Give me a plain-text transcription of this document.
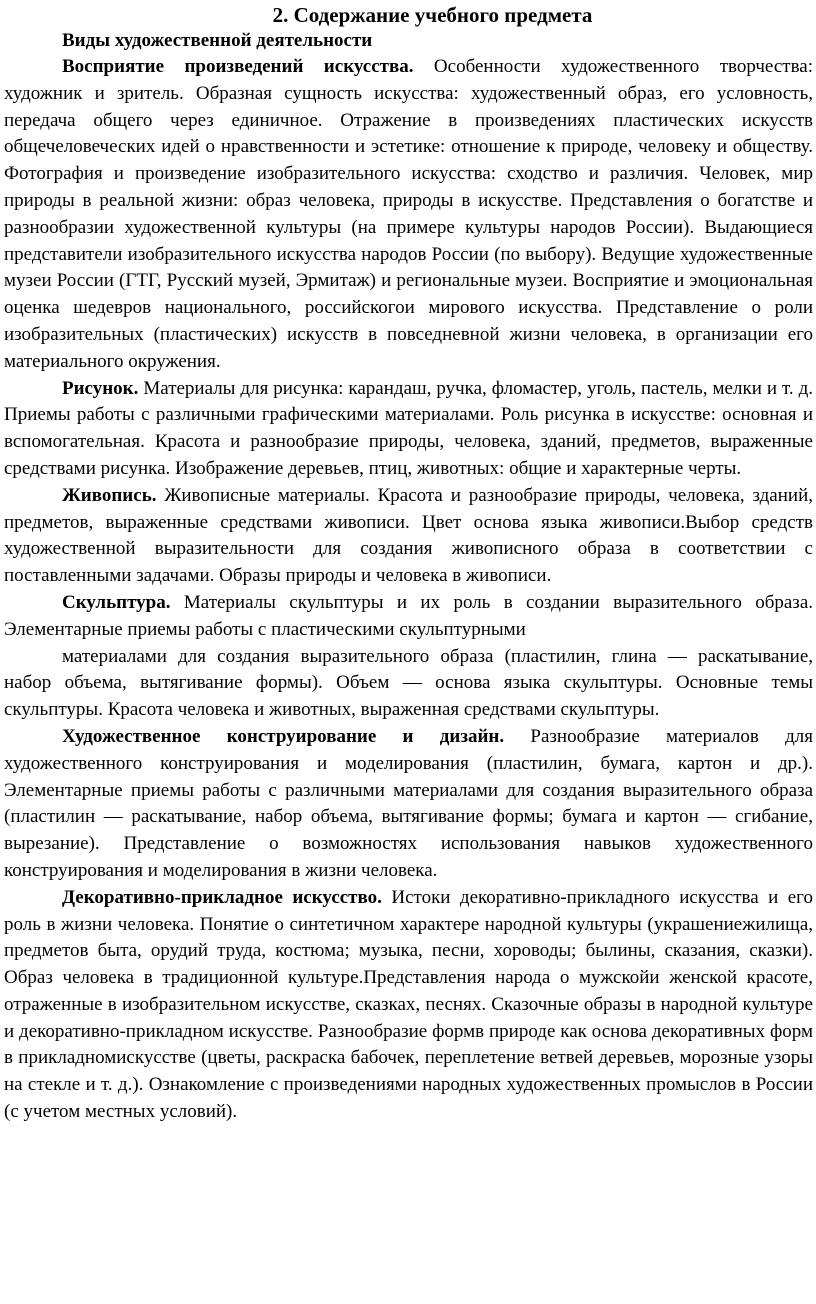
2. Содержание учебного предмета
Виды художественной деятельности

Восприятие произведений искусства. Особенности художественного творчества: художник и зритель. Образная сущность искусства: художественный образ, его условность, передача общего через единичное. Отражение в произведениях пластических искусств общечеловеческих идей о нравственности и эстетике: отношение к природе, человеку и обществу. Фотография и произведение изобразительного искусства: сходство и различия. Человек, мир природы в реальной жизни: образ человека, природы в искусстве. Представления о богатстве и разнообразии художественной культуры (на примере культуры народов России). Выдающиеся представители изобразительного искусства народов России (по выбору). Ведущие художественные музеи России (ГТГ, Русский музей, Эрмитаж) и региональные музеи. Восприятие и эмоциональная оценка шедевров национального, российскогои мирового искусства. Представление о роли изобразительных (пластических) искусств в повседневной жизни человека, в организации его материального окружения.

Рисунок. Материалы для рисунка: карандаш, ручка, фломастер, уголь, пастель, мелки и т. д. Приемы работы с различными графическими материалами. Роль рисунка в искусстве: основная и вспомогательная. Красота и разнообразие природы, человека, зданий, предметов, выраженные средствами рисунка. Изображение деревьев, птиц, животных: общие и характерные черты.

Живопись. Живописные материалы. Красота и разнообразие природы, человека, зданий, предметов, выраженные средствами живописи. Цвет основа языка живописи.Выбор средств художественной выразительности для создания живописного образа в соответствии с поставленными задачами. Образы природы и человека в живописи.

Скульптура. Материалы скульптуры и их роль в создании выразительного образа. Элементарные приемы работы с пластическими скульптурными

материалами для создания выразительного образа (пластилин, глина — раскатывание, набор объема, вытягивание формы). Объем — основа языка скульптуры. Основные темы скульптуры. Красота человека и животных, выраженная средствами скульптуры.

Художественное конструирование и дизайн. Разнообразие материалов для художественного конструирования и моделирования (пластилин, бумага, картон и др.). Элементарные приемы работы с различными материалами для создания выразительного образа (пластилин — раскатывание, набор объема, вытягивание формы; бумага и картон — сгибание, вырезание). Представление о возможностях использования навыков художественного конструирования и моделирования в жизни человека.

Декоративно-прикладное искусство. Истоки декоративно-прикладного искусства и его роль в жизни человека. Понятие о синтетичном характере народной культуры (украшениежилища, предметов быта, орудий труда, костюма; музыка, песни, хороводы; былины, сказания, сказки). Образ человека в традиционной культуре.Представления народа о мужскойи женской красоте, отраженные в изобразительном искусстве, сказках, песнях. Сказочные образы в народной культуре и декоративно-прикладном искусстве. Разнообразие формв природе как основа декоративных форм в прикладномискусстве (цветы, раскраска бабочек, переплетение ветвей деревьев, морозные узоры на стекле и т. д.). Ознакомление с произведениями народных художественных промыслов в России (с учетом местных условий).
